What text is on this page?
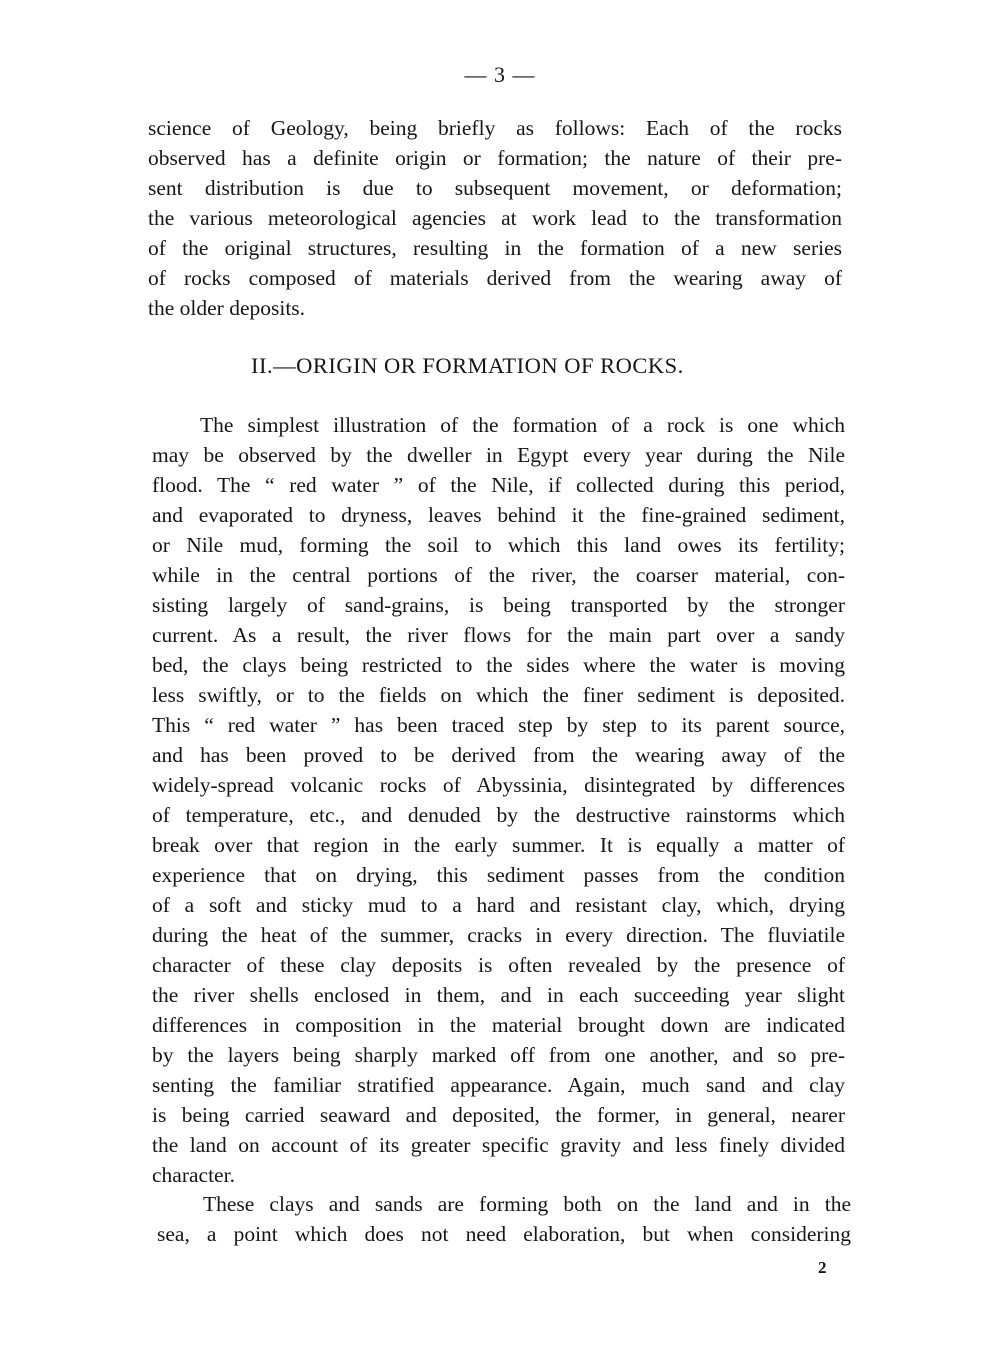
— 3 —
science of Geology, being briefly as follows: Each of the rocks
observed has a definite origin or formation; the nature of their pre-
sent distribution is due to subsequent movement, or deformation;
the various meteorological agencies at work lead to the transformation
of the original structures, resulting in the formation of a new series
of rocks composed of materials derived from the wearing away of
the older deposits.
II.—ORIGIN OR FORMATION OF ROCKS.
The simplest illustration of the formation of a rock is one which
may be observed by the dweller in Egypt every year during the Nile
flood. The “ red water ” of the Nile, if collected during this period,
and evaporated to dryness, leaves behind it the fine-grained sediment,
or Nile mud, forming the soil to which this land owes its fertility;
while in the central portions of the river, the coarser material, con-
sisting largely of sand-grains, is being transported by the stronger
current. As a result, the river flows for the main part over a sandy
bed, the clays being restricted to the sides where the water is moving
less swiftly, or to the fields on which the finer sediment is deposited.
This “ red water ” has been traced step by step to its parent source,
and has been proved to be derived from the wearing away of the
widely-spread volcanic rocks of Abyssinia, disintegrated by differences
of temperature, etc., and denuded by the destructive rainstorms which
break over that region in the early summer. It is equally a matter of
experience that on drying, this sediment passes from the condition
of a soft and sticky mud to a hard and resistant clay, which, drying
during the heat of the summer, cracks in every direction. The fluviatile
character of these clay deposits is often revealed by the presence of
the river shells enclosed in them, and in each succeeding year slight
differences in composition in the material brought down are indicated
by the layers being sharply marked off from one another, and so pre-
senting the familiar stratified appearance. Again, much sand and clay
is being carried seaward and deposited, the former, in general, nearer
the land on account of its greater specific gravity and less finely divided
character.
These clays and sands are forming both on the land and in the
sea, a point which does not need elaboration, but when considering
2
